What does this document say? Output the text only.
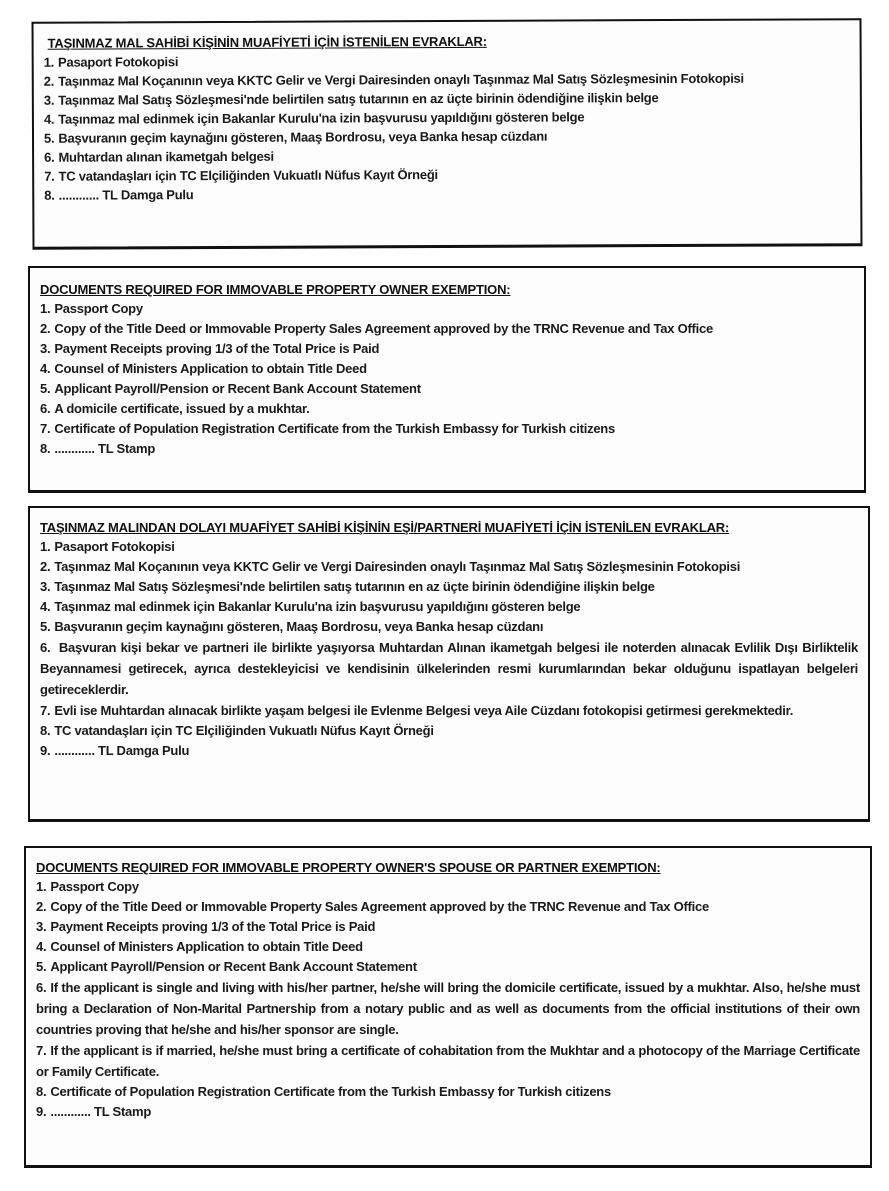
TAŞINMAZ MAL SAHİBİ KİŞİNİN MUAFİYETİ İÇİN İSTENİLEN EVRAKLAR:
1. Pasaport Fotokopisi
2. Taşınmaz Mal Koçanının veya KKTC Gelir ve Vergi Dairesinden onaylı Taşınmaz Mal Satış Sözleşmesinin Fotokopisi
3. Taşınmaz Mal Satış Sözleşmesi'nde belirtilen satış tutarının en az üçte birinin ödendiğine ilişkin belge
4. Taşınmaz mal edinmek için Bakanlar Kurulu'na izin başvurusu yapıldığını gösteren belge
5. Başvuranın geçim kaynağını gösteren, Maaş Bordrosu, veya Banka hesap cüzdanı
6. Muhtardan alınan ikametgah belgesi
7. TC vatandaşları için TC Elçiliğinden Vukuatlı Nüfus Kayıt Örneği
8. ............ TL Damga Pulu
DOCUMENTS REQUIRED FOR IMMOVABLE PROPERTY OWNER EXEMPTION:
1. Passport Copy
2. Copy of the Title Deed or Immovable Property Sales Agreement approved by the TRNC Revenue and Tax Office
3. Payment Receipts proving 1/3 of the Total Price is Paid
4. Counsel of Ministers Application to obtain Title Deed
5. Applicant Payroll/Pension or Recent Bank Account Statement
6. A domicile certificate, issued by a mukhtar.
7. Certificate of Population Registration Certificate from the Turkish Embassy for Turkish citizens
8. ............ TL Stamp
TAŞINMAZ MALINDAN DOLAYI MUAFİYET SAHİBİ KİŞİNİN EŞİ/PARTNERİ MUAFİYETİ İÇİN İSTENİLEN EVRAKLAR:
1. Pasaport Fotokopisi
2. Taşınmaz Mal Koçanının veya KKTC Gelir ve Vergi Dairesinden onaylı Taşınmaz Mal Satış Sözleşmesinin Fotokopisi
3. Taşınmaz Mal Satış Sözleşmesi'nde belirtilen satış tutarının en az üçte birinin ödendiğine ilişkin belge
4. Taşınmaz mal edinmek için Bakanlar Kurulu'na izin başvurusu yapıldığını gösteren belge
5. Başvuranın geçim kaynağını gösteren, Maaş Bordrosu, veya Banka hesap cüzdanı
6. Başvuran kişi bekar ve partneri ile birlikte yaşıyorsa Muhtardan Alınan ikametgah belgesi ile noterden alınacak Evlilik Dışı Birliktelik Beyannamesi getirecek, ayrıca destekleyicisi ve kendisinin ülkelerinden resmi kurumlarından bekar olduğunu ispatlayan belgeleri getireceklerdir.
7. Evli ise Muhtardan alınacak birlikte yaşam belgesi ile Evlenme Belgesi veya Aile Cüzdanı fotokopisi getirmesi gerekmektedir.
8. TC vatandaşları için TC Elçiliğinden Vukuatlı Nüfus Kayıt Örneği
9. ............ TL Damga Pulu
DOCUMENTS REQUIRED FOR IMMOVABLE PROPERTY OWNER'S SPOUSE OR PARTNER EXEMPTION:
1. Passport Copy
2. Copy of the Title Deed or Immovable Property Sales Agreement approved by the TRNC Revenue and Tax Office
3. Payment Receipts proving 1/3 of the Total Price is Paid
4. Counsel of Ministers Application to obtain Title Deed
5. Applicant Payroll/Pension or Recent Bank Account Statement
6. If the applicant is single and living with his/her partner, he/she will bring the domicile certificate, issued by a mukhtar. Also, he/she must bring a Declaration of Non-Marital Partnership from a notary public and as well as documents from the official institutions of their own countries proving that he/she and his/her sponsor are single.
7. If the applicant is if married, he/she must bring a certificate of cohabitation from the Mukhtar and a photocopy of the Marriage Certificate or Family Certificate.
8. Certificate of Population Registration Certificate from the Turkish Embassy for Turkish citizens
9. ............ TL Stamp
